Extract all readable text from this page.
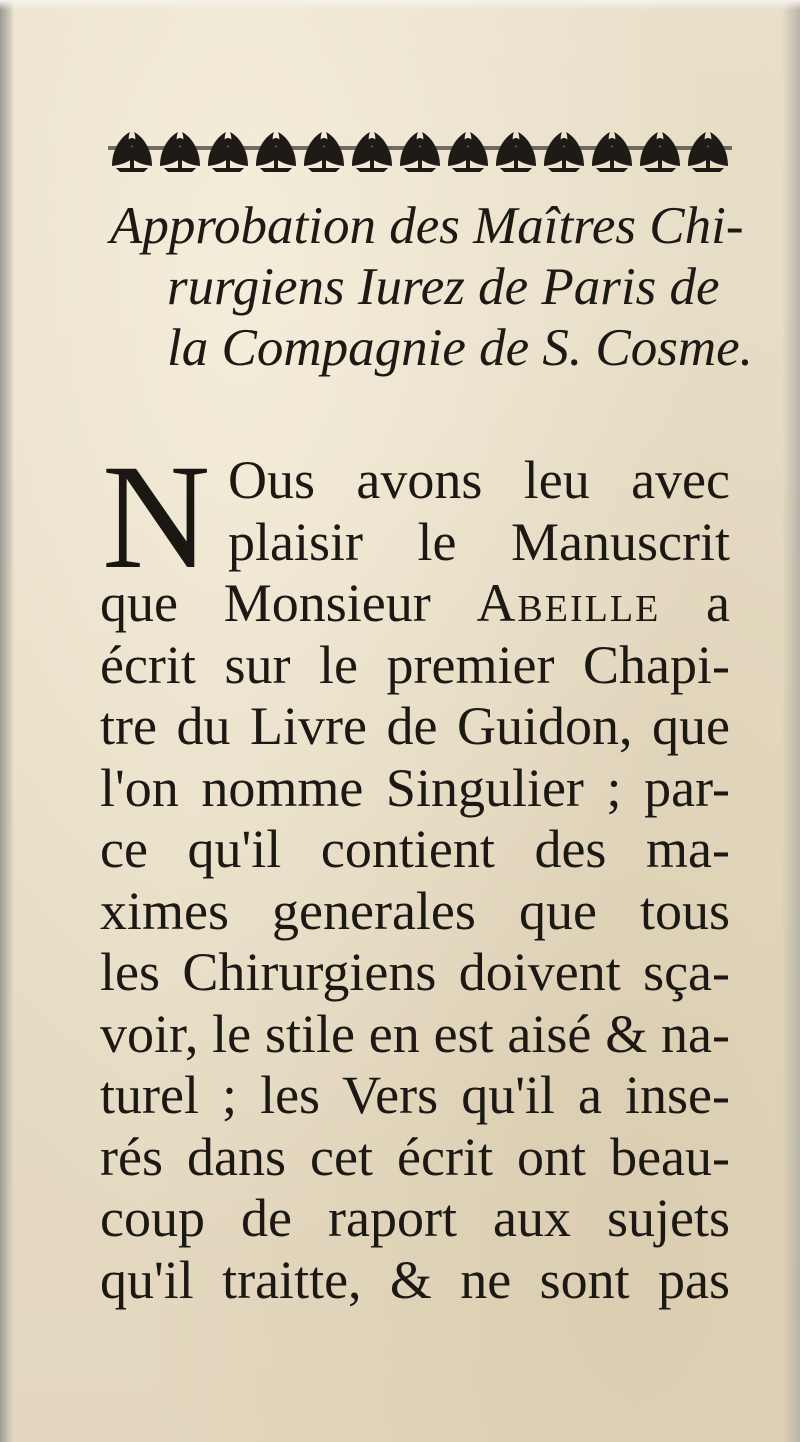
Approbation des Maîtres Chi-
rurgiens Iurez de Paris de
la Compagnie de S. Cosme.
N Ous avons leu avec
plaisir le Manuscrit
que Monsieur Abeille a
écrit sur le premier Chapi-
tre du Livre de Guidon, que
l'on nomme Singulier ; par-
ce qu'il contient des ma-
ximes generales que tous
les Chirurgiens doivent sça-
voir, le stile en est aisé & na-
turel ; les Vers qu'il a inse-
rés dans cet écrit ont beau-
coup de raport aux sujets
qu'il traitte, & ne sont pas
